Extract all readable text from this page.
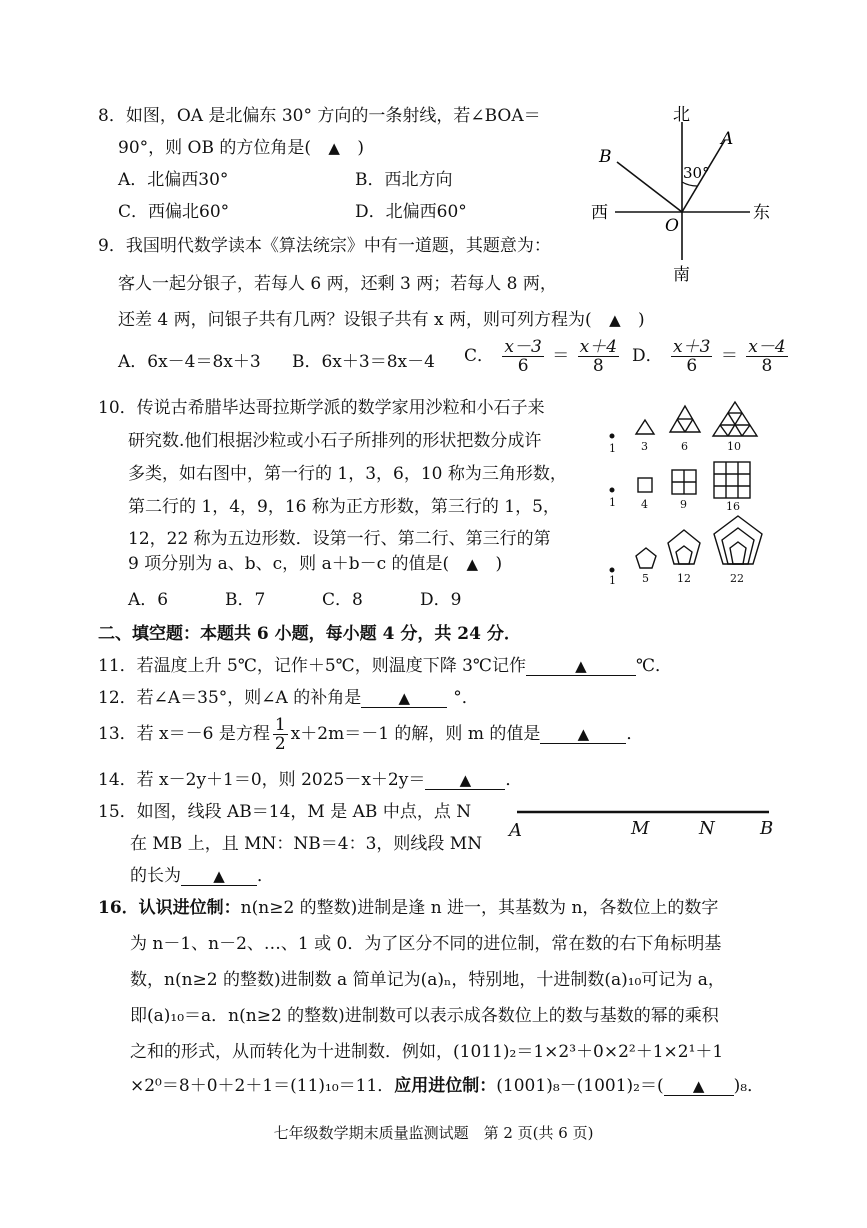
8．如图，OA 是北偏东 30° 方向的一条射线，若∠BOA＝
90°，则 OB 的方位角是( ▲ )
A．北偏西30°	B．西北方向
C．西偏北60°	D．北偏西60°
北
南
西	东
A
B
O
30°
9．我国明代数学读本《算法统宗》中有一道题，其题意为：
客人一起分银子，若每人 6 两，还剩 3 两；若每人 8 两，
还差 4 两，问银子共有几两？设银子共有 x 两，则可列方程为( ▲ )
A．6x－4＝8x＋3 B．6x＋3＝8x－4 C． $\frac{x-3}{6} = \frac{x+4}{8}$ D． $\frac{x+3}{6} = \frac{x-4}{8}$
10．传说古希腊毕达哥拉斯学派的数学家用沙粒和小石子来
研究数.他们根据沙粒或小石子所排列的形状把数分成许
多类，如右图中，第一行的 1，3，6，10 称为三角形数，
第二行的 1，4，9，16 称为正方形数，第三行的 1，5，
12，22 称为五边形数．设第一行、第二行、第三行的第
9 项分别为 a、b、c，则 a＋b－c 的值是( ▲ )
A．6	B．7	C．8	D．9
1 3	6	10
1 4	9	16
1 5	12	22
二、填空题：本题共 6 小题，每小题 4 分，共 24 分．
11．若温度上升 5℃，记作＋5℃，则温度下降 3℃记作	▲	℃．
12．若∠A＝35°，则∠A 的补角是 ▲	°．
13．若 x＝－6 是方程 $\frac{1}{2} x+2m=-1$ 的解，则 m 的值是 ▲ ．
14．若 x－2y＋1＝0，则 2025－x＋2y＝ ▲ ．
15．如图，线段 AB＝14，M 是 AB 中点，点 N
在 MB 上，且 MN：NB＝4：3，则线段 MN
的长为 ▲ ．
A	M	N	B
16．认识进位制：n(n≥2 的整数)进制是逢 n 进一，其基数为 n，各数位上的数字
为 n－1、n－2、…、1 或 0．为了区分不同的进位制，常在数的右下角标明基
数，n(n≥2 的整数)进制数 a 简单记为(a)ₙ，特别地，十进制数(a)₁₀可记为 a，
即(a)₁₀＝a．n(n≥2 的整数)进制数可以表示成各数位上的数与基数的幂的乘积
之和的形式，从而转化为十进制数．例如，(1011)₂＝1×2³＋0×2²＋1×2¹＋1
×2⁰＝8＋0＋2＋1＝(11)₁₀＝11．应用进位制：(1001)₈－(1001)₂＝( ▲ )₈．
七年级数学期末质量监测试题　第 2 页(共 6 页)
